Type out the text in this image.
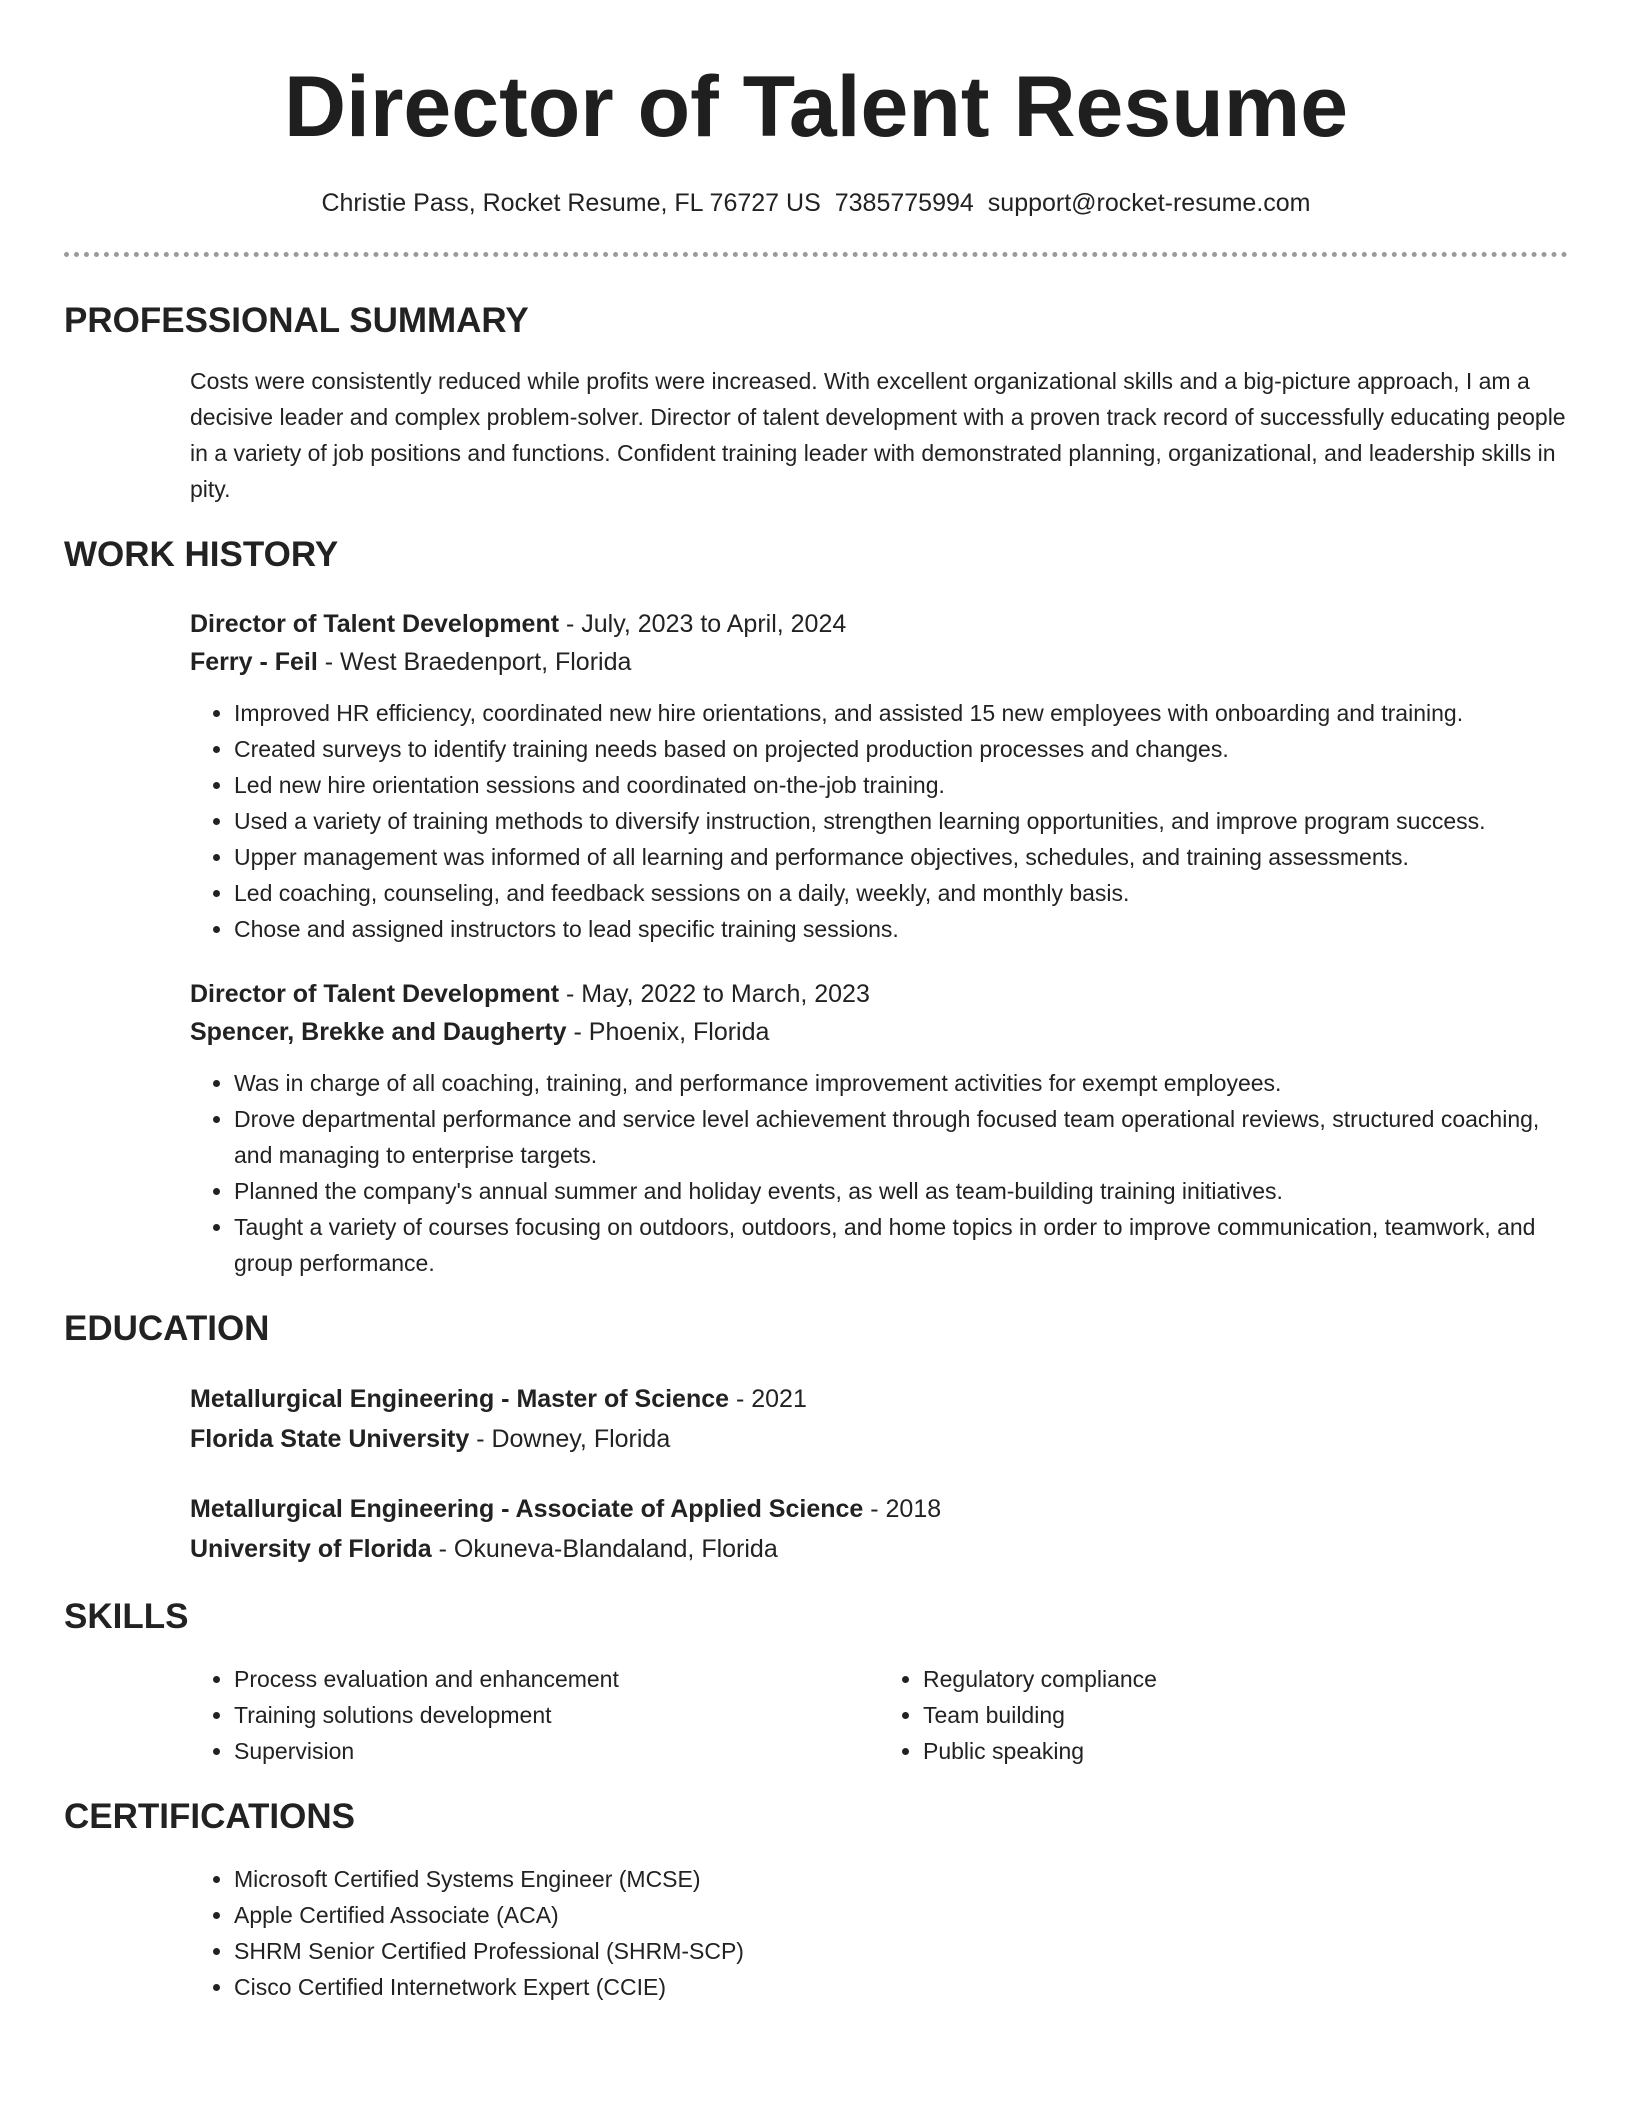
Director of Talent Resume
Christie Pass, Rocket Resume, FL 76727 US 7385775994 support@rocket-resume.com
PROFESSIONAL SUMMARY
Costs were consistently reduced while profits were increased. With excellent organizational skills and a big-picture approach, I am a decisive leader and complex problem-solver. Director of talent development with a proven track record of successfully educating people in a variety of job positions and functions. Confident training leader with demonstrated planning, organizational, and leadership skills in pity.
WORK HISTORY
Director of Talent Development - July, 2023 to April, 2024
Ferry - Feil - West Braedenport, Florida
• Improved HR efficiency, coordinated new hire orientations, and assisted 15 new employees with onboarding and training.
• Created surveys to identify training needs based on projected production processes and changes.
• Led new hire orientation sessions and coordinated on-the-job training.
• Used a variety of training methods to diversify instruction, strengthen learning opportunities, and improve program success.
• Upper management was informed of all learning and performance objectives, schedules, and training assessments.
• Led coaching, counseling, and feedback sessions on a daily, weekly, and monthly basis.
• Chose and assigned instructors to lead specific training sessions.
Director of Talent Development - May, 2022 to March, 2023
Spencer, Brekke and Daugherty - Phoenix, Florida
• Was in charge of all coaching, training, and performance improvement activities for exempt employees.
• Drove departmental performance and service level achievement through focused team operational reviews, structured coaching, and managing to enterprise targets.
• Planned the company's annual summer and holiday events, as well as team-building training initiatives.
• Taught a variety of courses focusing on outdoors, outdoors, and home topics in order to improve communication, teamwork, and group performance.
EDUCATION
Metallurgical Engineering - Master of Science - 2021
Florida State University - Downey, Florida
Metallurgical Engineering - Associate of Applied Science - 2018
University of Florida - Okuneva-Blandaland, Florida
SKILLS
• Process evaluation and enhancement
• Training solutions development
• Supervision
• Regulatory compliance
• Team building
• Public speaking
CERTIFICATIONS
• Microsoft Certified Systems Engineer (MCSE)
• Apple Certified Associate (ACA)
• SHRM Senior Certified Professional (SHRM-SCP)
• Cisco Certified Internetwork Expert (CCIE)
